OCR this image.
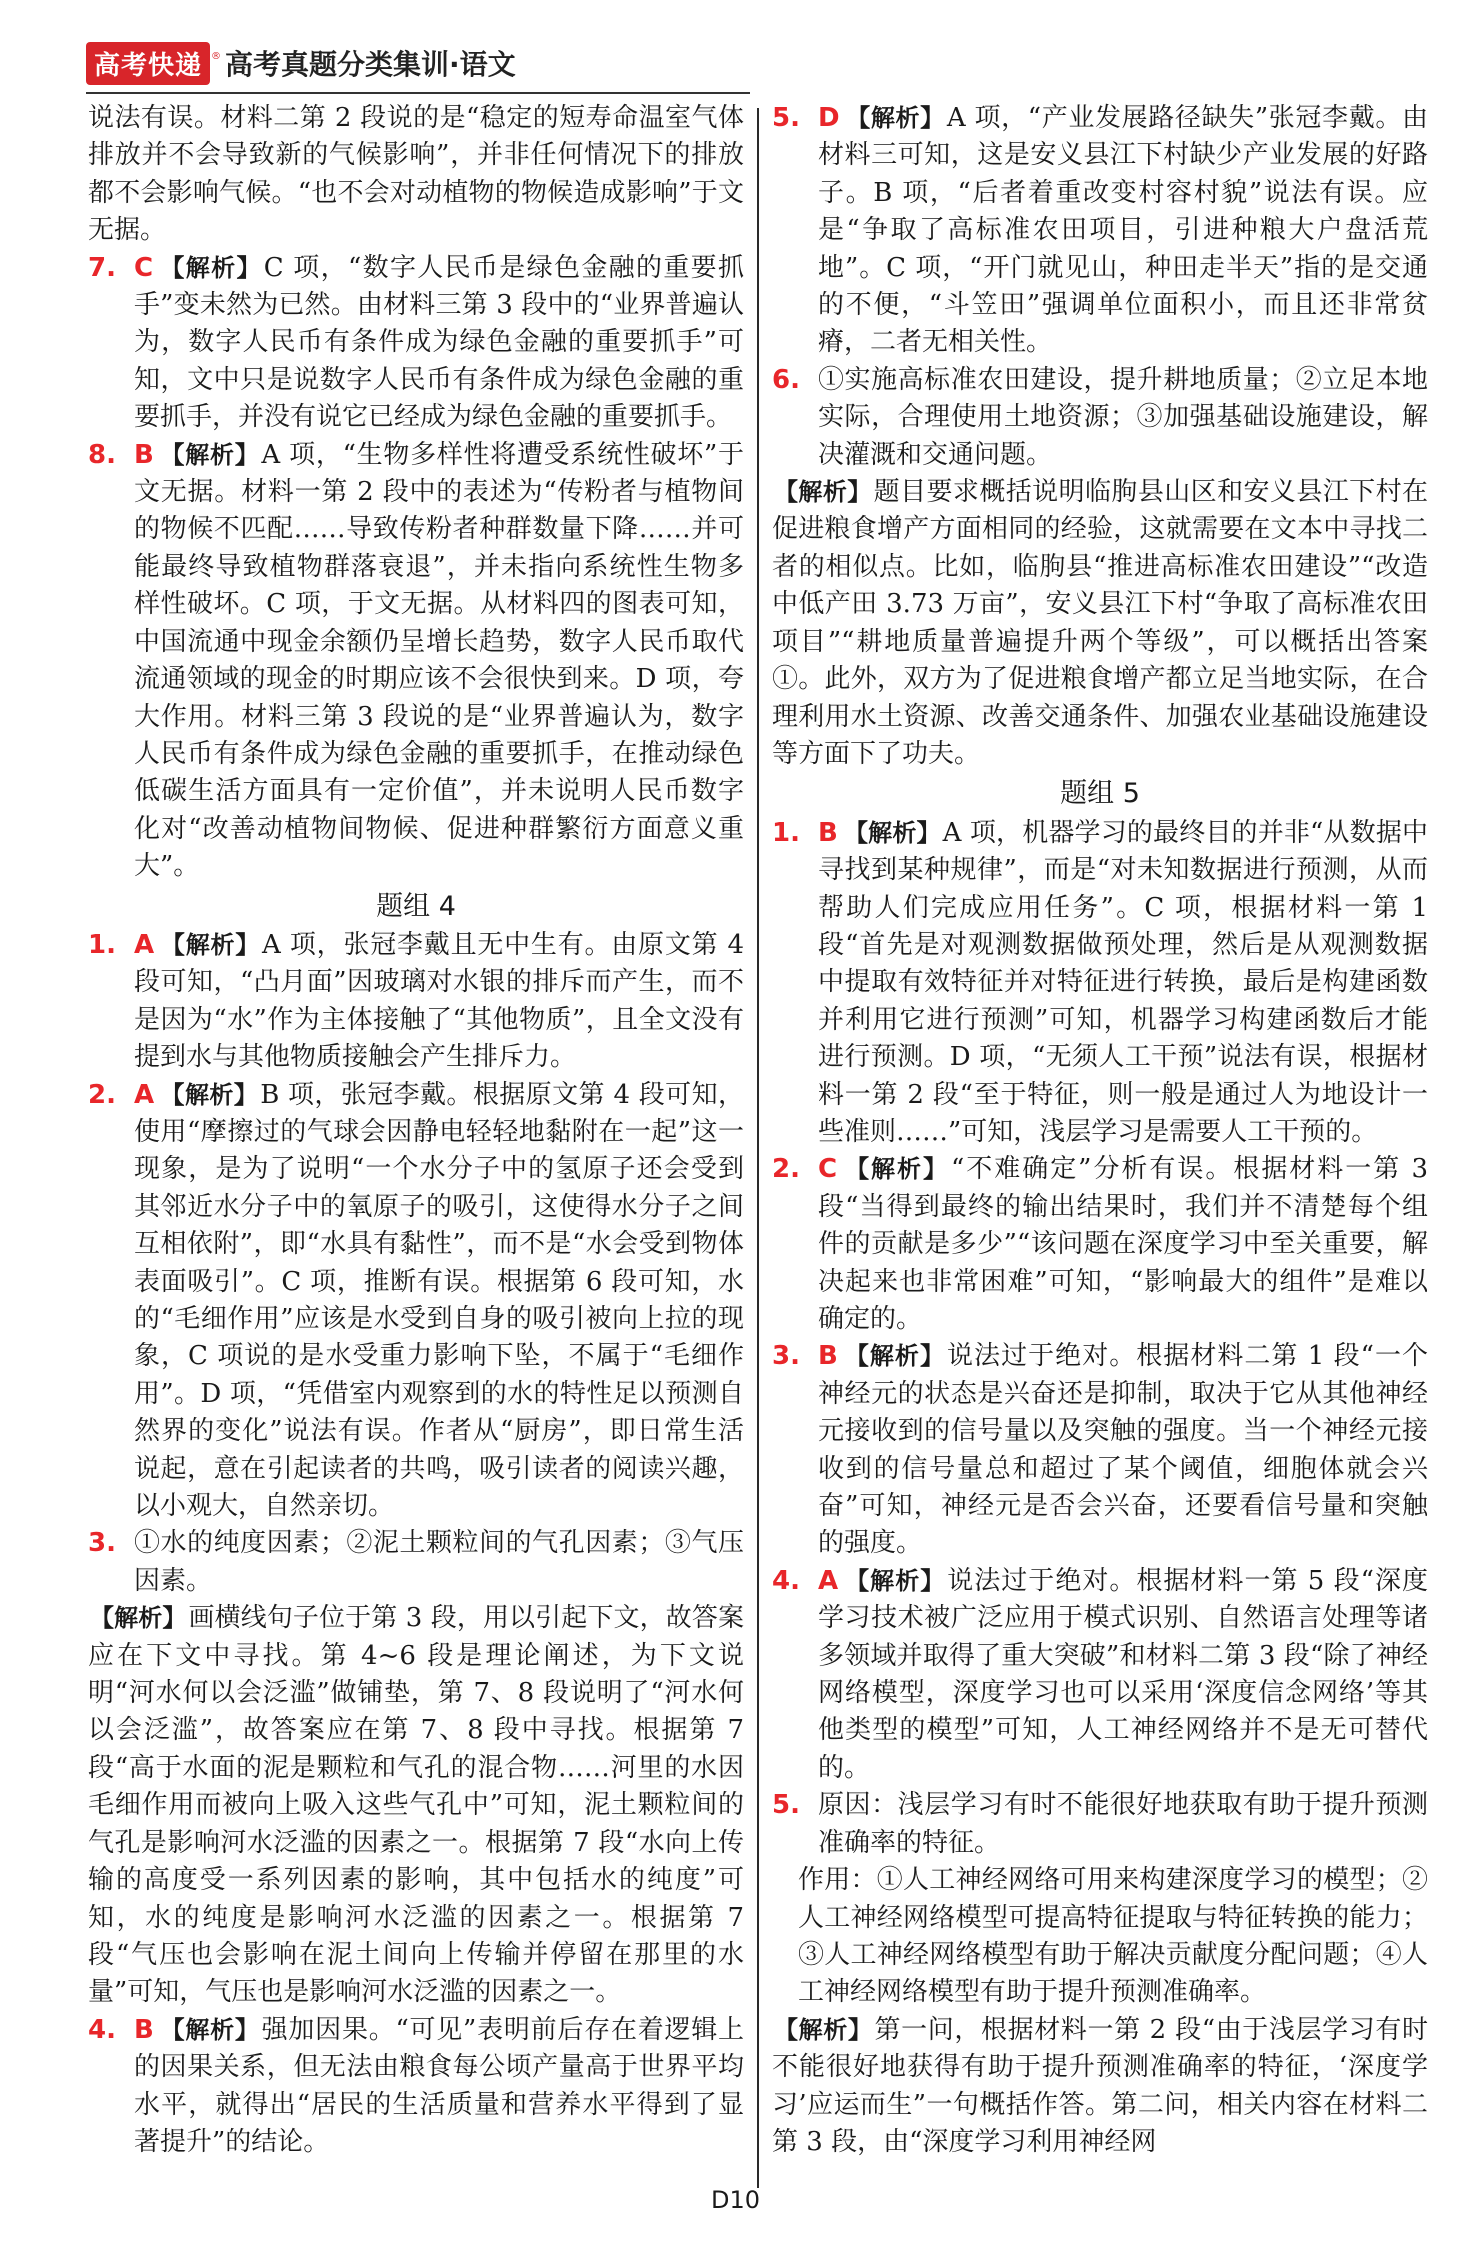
高考快递 ® 高考真题分类集训·语文

说法有误。材料二第 2 段说的是“稳定的短寿命温室气体排放并不会导致新的气候影响”，并非任何情况下的排放都不会影响气候。“也不会对动植物的物候造成影响”于文无据。

7. C 【解析】C 项，“数字人民币是绿色金融的重要抓手”变未然为已然。由材料三第 3 段中的“业界普遍认为，数字人民币有条件成为绿色金融的重要抓手”可知，文中只是说数字人民币有条件成为绿色金融的重要抓手，并没有说它已经成为绿色金融的重要抓手。

8. B 【解析】A 项，“生物多样性将遭受系统性破坏”于文无据。材料一第 2 段中的表述为“传粉者与植物间的物候不匹配……导致传粉者种群数量下降……并可能最终导致植物群落衰退”，并未指向系统性生物多样性破坏。C 项，于文无据。从材料四的图表可知，中国流通中现金余额仍呈增长趋势，数字人民币取代流通领域的现金的时期应该不会很快到来。D 项，夸大作用。材料三第 3 段说的是“业界普遍认为，数字人民币有条件成为绿色金融的重要抓手，在推动绿色低碳生活方面具有一定价值”，并未说明人民币数字化对“改善动植物间物候、促进种群繁衍方面意义重大”。

题组 4
1. A 【解析】A 项，张冠李戴且无中生有。由原文第 4 段可知，“凸月面”因玻璃对水银的排斥而产生，而不是因为“水”作为主体接触了“其他物质”，且全文没有提到水与其他物质接触会产生排斥力。

2. A 【解析】B 项，张冠李戴。根据原文第 4 段可知，使用“摩擦过的气球会因静电轻轻地黏附在一起”这一现象，是为了说明“一个水分子中的氢原子还会受到其邻近水分子中的氧原子的吸引，这使得水分子之间互相依附”，即“水具有黏性”，而不是“水会受到物体表面吸引”。C 项，推断有误。根据第 6 段可知，水的“毛细作用”应该是水受到自身的吸引被向上拉的现象，C 项说的是水受重力影响下坠，不属于“毛细作用”。D 项，“凭借室内观察到的水的特性足以预测自然界的变化”说法有误。作者从“厨房”，即日常生活说起，意在引起读者的共鸣，吸引读者的阅读兴趣，以小观大，自然亲切。

3. ①水的纯度因素；②泥土颗粒间的气孔因素；③气压因素。

【解析】画横线句子位于第 3 段，用以引起下文，故答案应在下文中寻找。第 4~6 段是理论阐述，为下文说明“河水何以会泛滥”做铺垫，第 7、8 段说明了“河水何以会泛滥”，故答案应在第 7、8 段中寻找。根据第 7 段“高于水面的泥是颗粒和气孔的混合物……河里的水因毛细作用而被向上吸入这些气孔中”可知，泥土颗粒间的气孔是影响河水泛滥的因素之一。根据第 7 段“水向上传输的高度受一系列因素的影响，其中包括水的纯度”可知，水的纯度是影响河水泛滥的因素之一。根据第 7 段“气压也会影响在泥土间向上传输并停留在那里的水量”可知，气压也是影响河水泛滥的因素之一。

4. B 【解析】强加因果。“可见”表明前后存在着逻辑上的因果关系，但无法由粮食每公顷产量高于世界平均水平，就得出“居民的生活质量和营养水平得到了显著提升”的结论。

5. D 【解析】A 项，“产业发展路径缺失”张冠李戴。由材料三可知，这是安义县江下村缺少产业发展的好路子。B 项，“后者着重改变村容村貌”说法有误。应是“争取了高标准农田项目，引进种粮大户盘活荒地”。C 项，“开门就见山，种田走半天”指的是交通的不便，“斗笠田”强调单位面积小，而且还非常贫瘠，二者无相关性。

6. ①实施高标准农田建设，提升耕地质量；②立足本地实际，合理使用土地资源；③加强基础设施建设，解决灌溉和交通问题。

【解析】题目要求概括说明临朐县山区和安义县江下村在促进粮食增产方面相同的经验，这就需要在文本中寻找二者的相似点。比如，临朐县“推进高标准农田建设”“改造中低产田 3.73 万亩”，安义县江下村“争取了高标准农田项目”“耕地质量普遍提升两个等级”，可以概括出答案①。此外，双方为了促进粮食增产都立足当地实际，在合理利用水土资源、改善交通条件、加强农业基础设施建设等方面下了功夫。

题组 5
1. B 【解析】A 项，机器学习的最终目的并非“从数据中寻找到某种规律”，而是“对未知数据进行预测，从而帮助人们完成应用任务”。C 项，根据材料一第 1 段“首先是对观测数据做预处理，然后是从观测数据中提取有效特征并对特征进行转换，最后是构建函数并利用它进行预测”可知，机器学习构建函数后才能进行预测。D 项，“无须人工干预”说法有误，根据材料一第 2 段“至于特征，则一般是通过人为地设计一些准则……”可知，浅层学习是需要人工干预的。

2. C 【解析】“不难确定”分析有误。根据材料一第 3 段“当得到最终的输出结果时，我们并不清楚每个组件的贡献是多少”“该问题在深度学习中至关重要，解决起来也非常困难”可知，“影响最大的组件”是难以确定的。

3. B 【解析】说法过于绝对。根据材料二第 1 段“一个神经元的状态是兴奋还是抑制，取决于它从其他神经元接收到的信号量以及突触的强度。当一个神经元接收到的信号量总和超过了某个阈值，细胞体就会兴奋”可知，神经元是否会兴奋，还要看信号量和突触的强度。

4. A 【解析】说法过于绝对。根据材料一第 5 段“深度学习技术被广泛应用于模式识别、自然语言处理等诸多领域并取得了重大突破”和材料二第 3 段“除了神经网络模型，深度学习也可以采用‘深度信念网络’等其他类型的模型”可知，人工神经网络并不是无可替代的。

5. 原因：浅层学习有时不能很好地获取有助于提升预测准确率的特征。

作用：①人工神经网络可用来构建深度学习的模型；②人工神经网络模型可提高特征提取与特征转换的能力；③人工神经网络模型有助于解决贡献度分配问题；④人工神经网络模型有助于提升预测准确率。

【解析】第一问，根据材料一第 2 段“由于浅层学习有时不能很好地获得有助于提升预测准确率的特征，‘深度学习’应运而生”一句概括作答。第二问，相关内容在材料二第 3 段，由“深度学习利用神经网

D10
